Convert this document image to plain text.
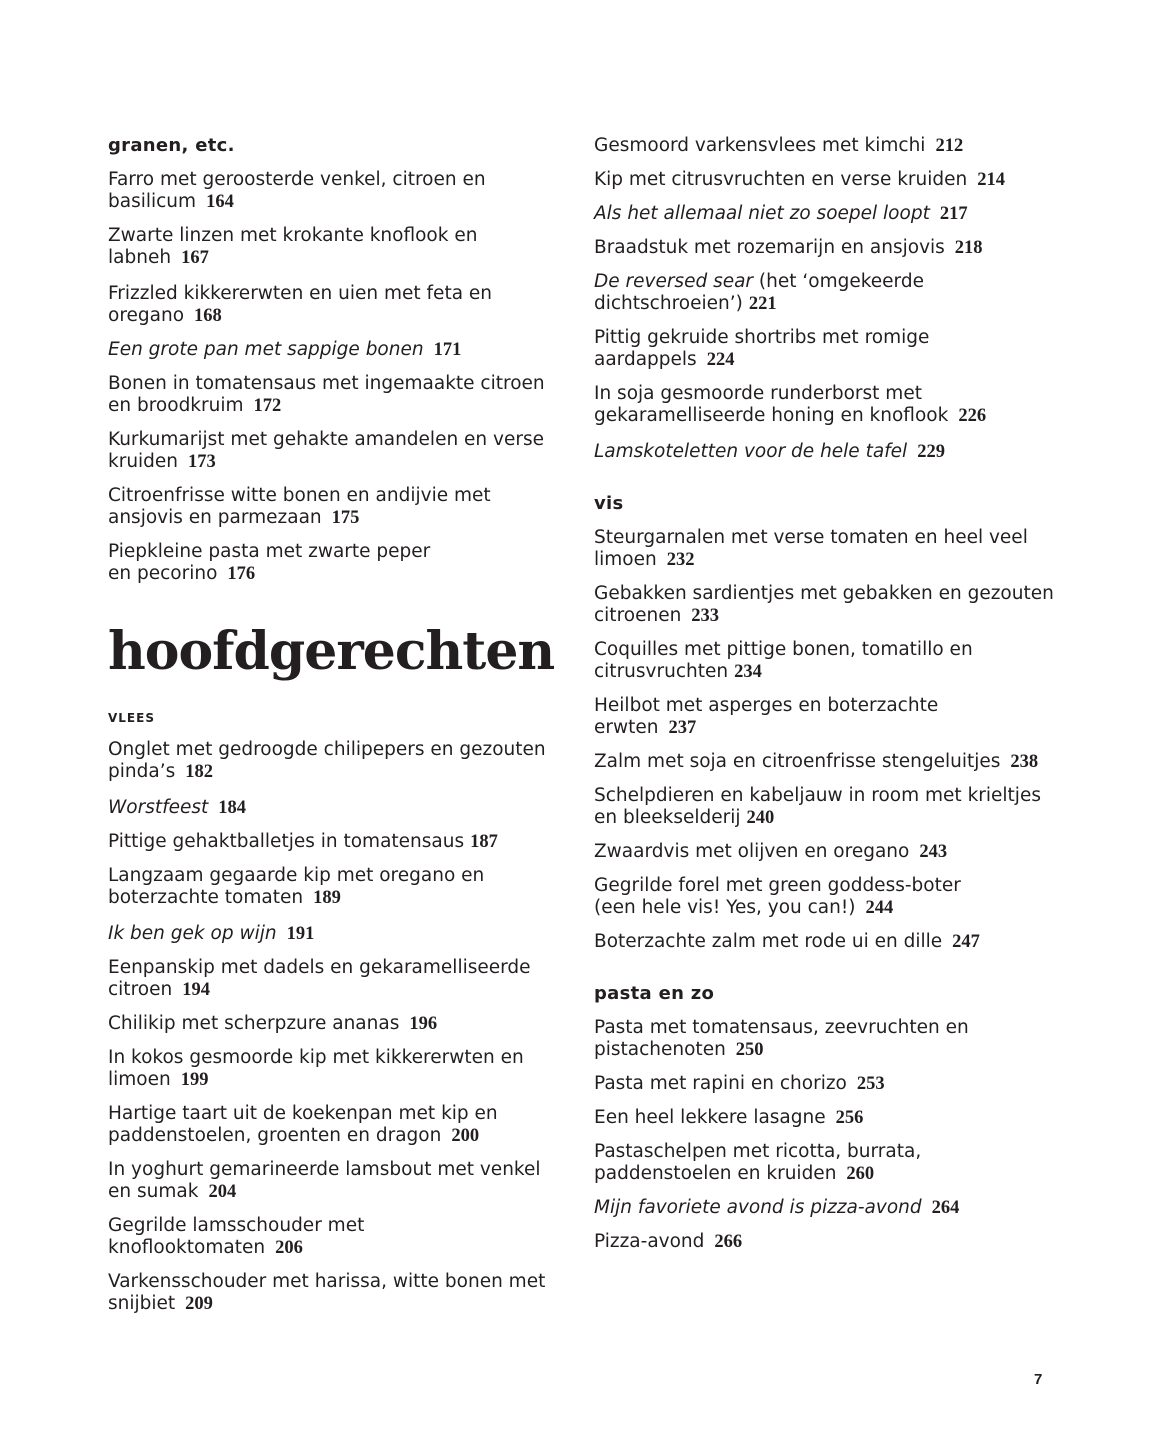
granen, etc.
Farro met geroosterde venkel, citroen en
basilicum 164
Zwarte linzen met krokante knoflook en
labneh 167
Frizzled kikkererwten en uien met feta en
oregano 168
Een grote pan met sappige bonen 171
Bonen in tomatensaus met ingemaakte citroen
en broodkruim 172
Kurkumarijst met gehakte amandelen en verse
kruiden 173
Citroenfrisse witte bonen en andijvie met
ansjovis en parmezaan 175
Piepkleine pasta met zwarte peper
en pecorino 176
hoofdgerechten
VLEES
Onglet met gedroogde chilipepers en gezouten
pinda’s 182
Worstfeest 184
Pittige gehaktballetjes in tomatensaus 187
Langzaam gegaarde kip met oregano en
boterzachte tomaten 189
Ik ben gek op wijn 191
Eenpanskip met dadels en gekaramelliseerde
citroen 194
Chilikip met scherpzure ananas 196
In kokos gesmoorde kip met kikkererwten en
limoen 199
Hartige taart uit de koekenpan met kip en
paddenstoelen, groenten en dragon 200
In yoghurt gemarineerde lamsbout met venkel
en sumak 204
Gegrilde lamsschouder met
knoflooktomaten 206
Varkensschouder met harissa, witte bonen met
snijbiet 209
Gesmoord varkensvlees met kimchi 212
Kip met citrusvruchten en verse kruiden 214
Als het allemaal niet zo soepel loopt 217
Braadstuk met rozemarijn en ansjovis 218
De reversed sear (het ‘omgekeerde
dichtschroeien’) 221
Pittig gekruide shortribs met romige
aardappels 224
In soja gesmoorde runderborst met
gekaramelliseerde honing en knoflook 226
Lamskoteletten voor de hele tafel 229
vis
Steurgarnalen met verse tomaten en heel veel
limoen 232
Gebakken sardientjes met gebakken en gezouten
citroenen 233
Coquilles met pittige bonen, tomatillo en
citrusvruchten 234
Heilbot met asperges en boterzachte
erwten 237
Zalm met soja en citroenfrisse stengeluitjes 238
Schelpdieren en kabeljauw in room met krieltjes
en bleekselderij 240
Zwaardvis met olijven en oregano 243
Gegrilde forel met green goddess-boter
(een hele vis! Yes, you can!) 244
Boterzachte zalm met rode ui en dille 247
pasta en zo
Pasta met tomatensaus, zeevruchten en
pistachenoten 250
Pasta met rapini en chorizo 253
Een heel lekkere lasagne 256
Pastaschelpen met ricotta, burrata,
paddenstoelen en kruiden 260
Mijn favoriete avond is pizza-avond 264
Pizza-avond 266
7
